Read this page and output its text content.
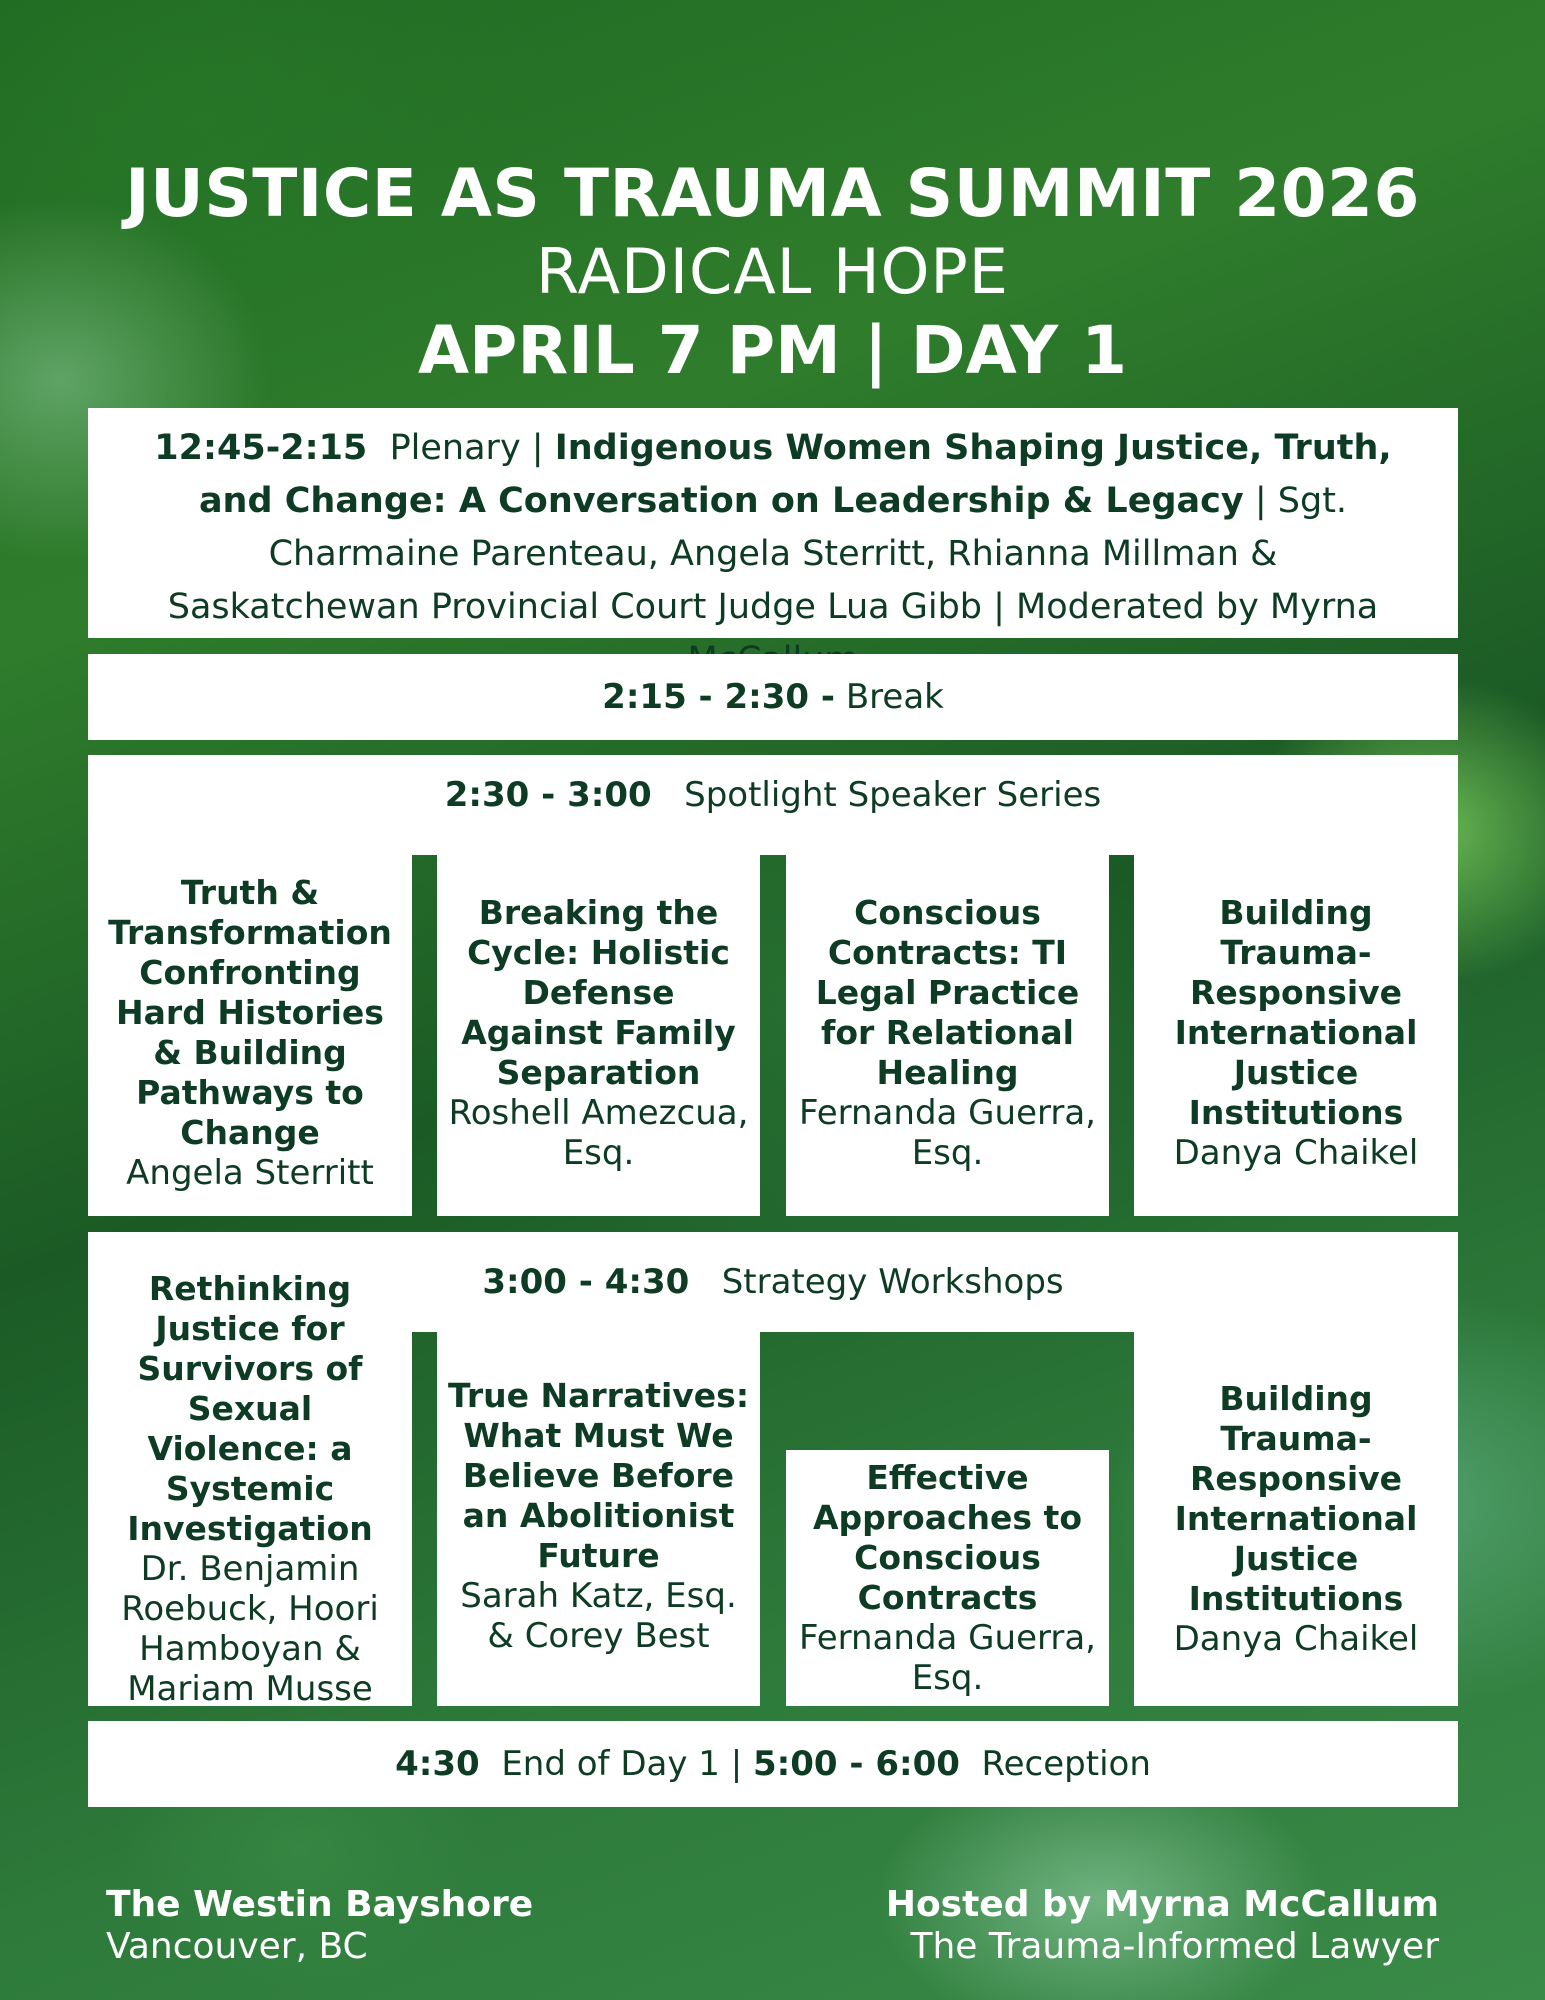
JUSTICE AS TRAUMA SUMMIT 2026
RADICAL HOPE
APRIL 7 PM | DAY 1
12:45-2:15 Plenary | Indigenous Women Shaping Justice, Truth, and Change: A Conversation on Leadership & Legacy | Sgt. Charmaine Parenteau, Angela Sterritt, Rhianna Millman & Saskatchewan Provincial Court Judge Lua Gibb | Moderated by Myrna
2:15 - 2:30 - Break
2:30 - 3:00 Spotlight Speaker Series
Truth & Transformation Confronting Hard Histories & Building Pathways to Change
Angela Sterritt
Breaking the Cycle: Holistic Defense Against Family Separation
Roshell Amezcua, Esq.
Conscious Contracts: TI Legal Practice for Relational Healing
Fernanda Guerra, Esq.
Building Trauma-Responsive International Justice Institutions
Danya Chaikel
3:00 - 4:30 Strategy Workshops
Rethinking Justice for Survivors of Sexual Violence: a Systemic Investigation
Dr. Benjamin Roebuck, Hoori Hamboyan & Mariam Musse
True Narratives: What Must We Believe Before an Abolitionist Future
Sarah Katz, Esq. & Corey Best
Effective Approaches to Conscious Contracts
Fernanda Guerra, Esq.
Building Trauma-Responsive International Justice Institutions
Danya Chaikel
4:30 End of Day 1 | 5:00 - 6:00 Reception
The Westin Bayshore
Vancouver, BC
Hosted by Myrna McCallum
The Trauma-Informed Lawyer
